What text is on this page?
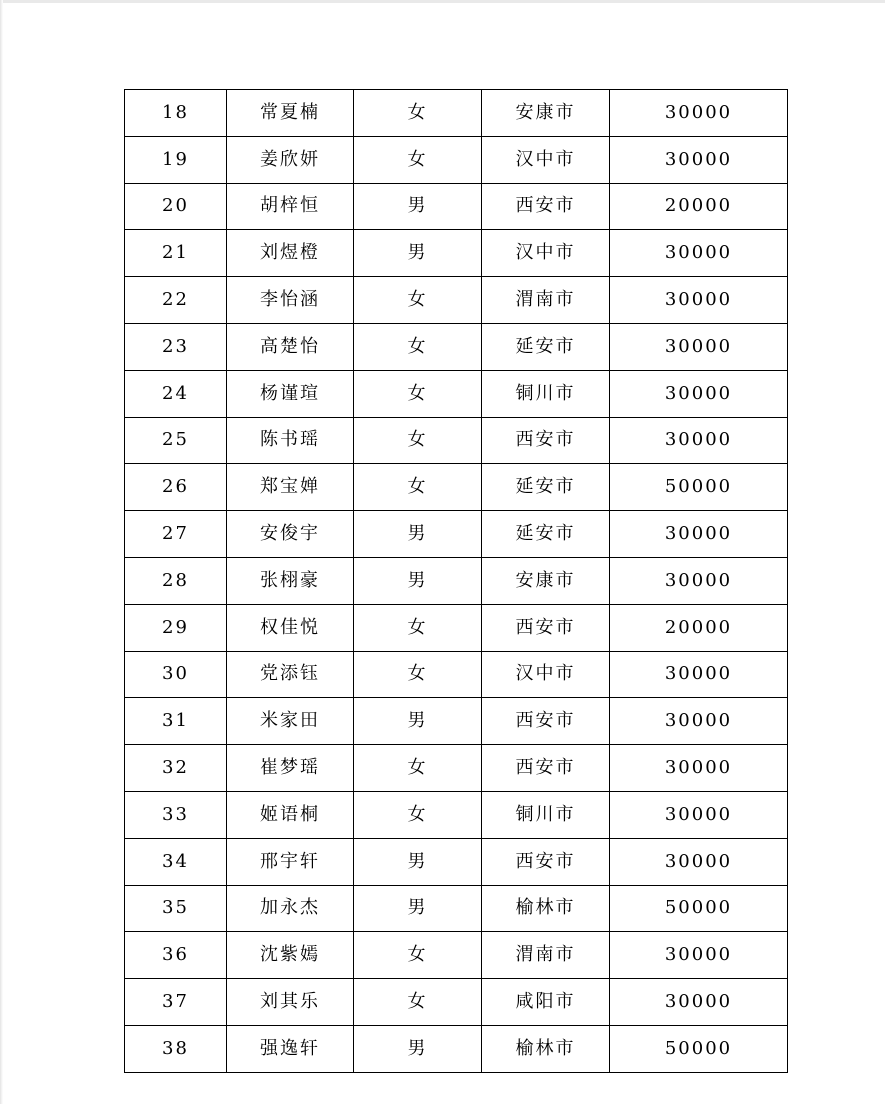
18	常夏楠	女	安康市	30000
19	姜欣妍	女	汉中市	30000
20	胡梓恒	男	西安市	20000
21	刘煜橙	男	汉中市	30000
22	李怡涵	女	渭南市	30000
23	高楚怡	女	延安市	30000
24	杨谨瑄	女	铜川市	30000
25	陈书瑶	女	西安市	30000
26	郑宝婵	女	延安市	50000
27	安俊宇	男	延安市	30000
28	张栩豪	男	安康市	30000
29	权佳悦	女	西安市	20000
30	党添钰	女	汉中市	30000
31	米家田	男	西安市	30000
32	崔梦瑶	女	西安市	30000
33	姬语桐	女	铜川市	30000
34	邢宇轩	男	西安市	30000
35	加永杰	男	榆林市	50000
36	沈紫嫣	女	渭南市	30000
37	刘其乐	女	咸阳市	30000
38	强逸轩	男	榆林市	50000
